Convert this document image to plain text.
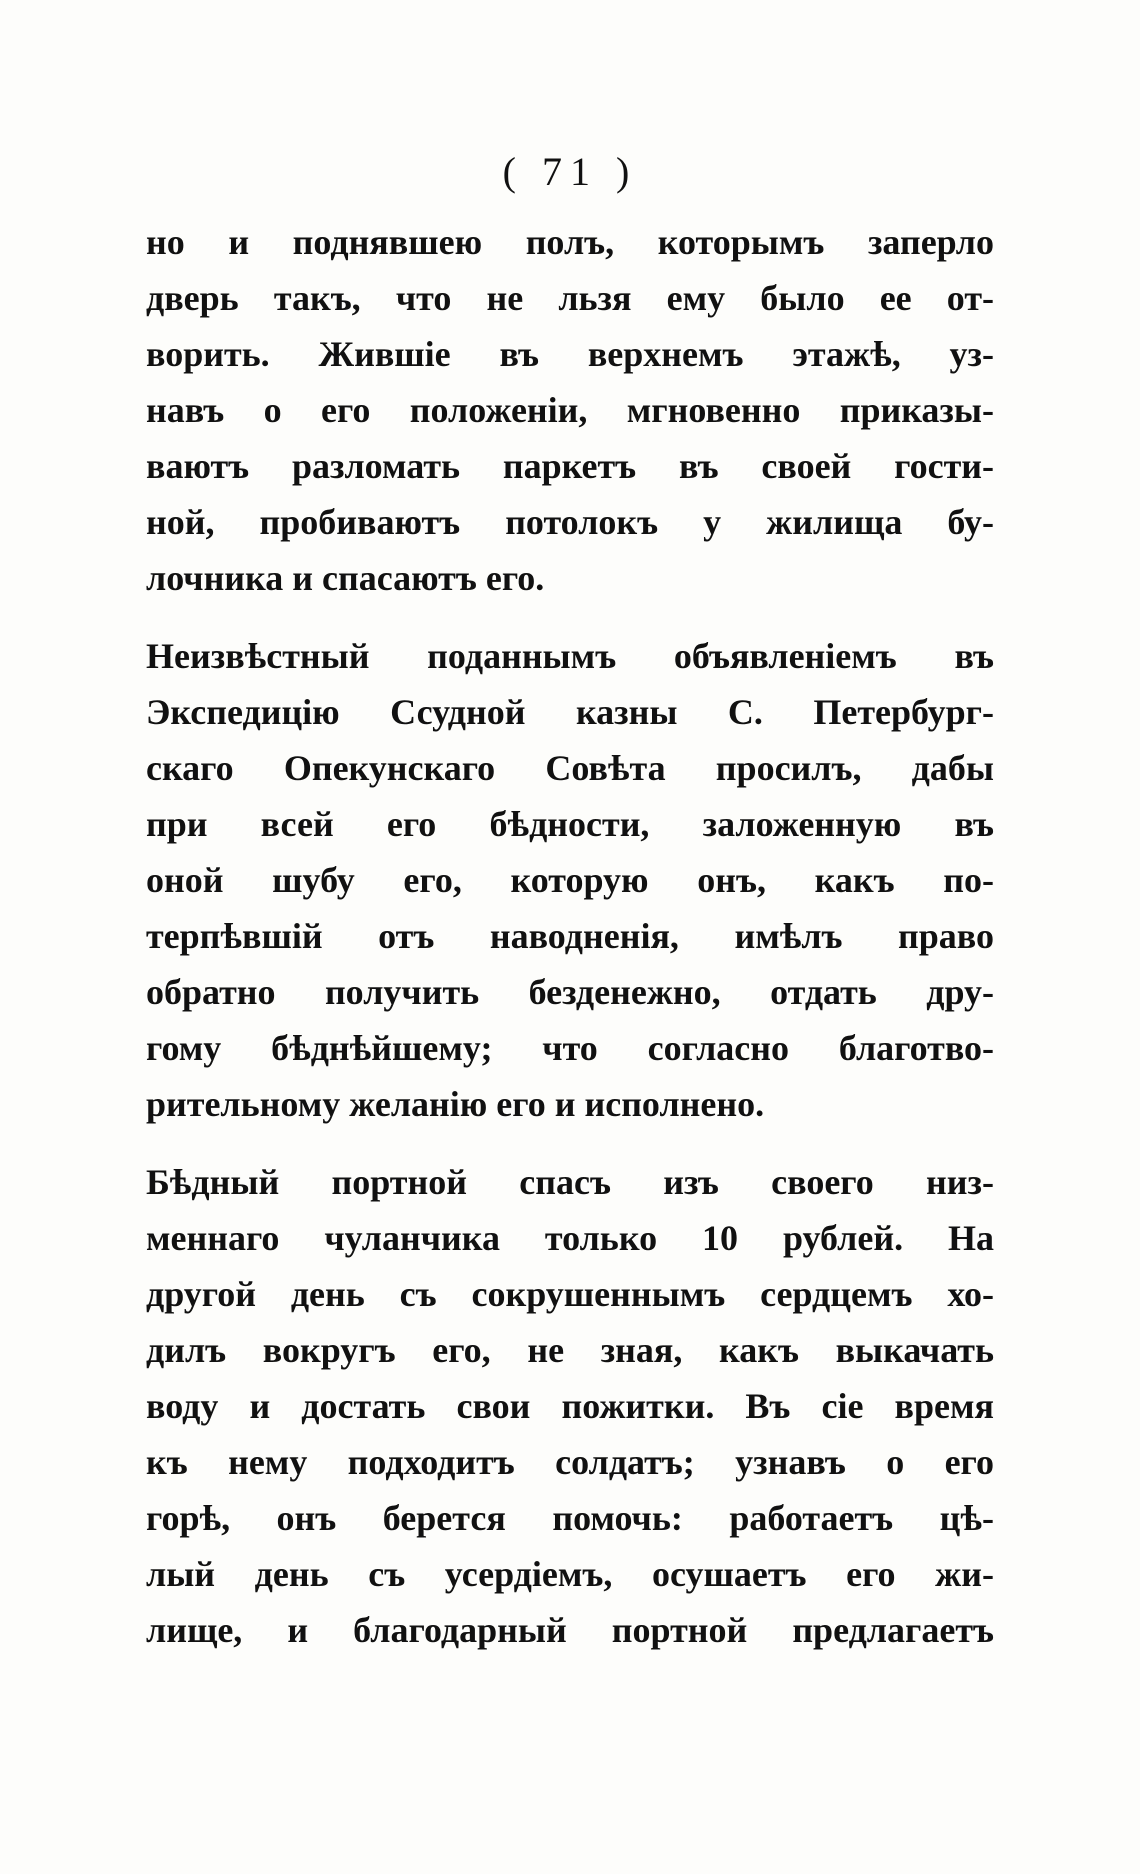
( 71 )
но и поднявшею полъ, которымъ заперло
дверь такъ, что не льзя ему было ее от-
ворить. Жившіе въ верхнемъ этажѣ, уз-
навъ о его положеніи, мгновенно приказы-
ваютъ разломать паркетъ въ своей гости-
ной, пробиваютъ потолокъ у жилища бу-
лочника и спасаютъ его.
Неизвѣстный поданнымъ объявленіемъ въ
Экспедицію Ссудной казны С. Петербург-
скаго Опекунскаго Совѣта просилъ, дабы
при всей его бѣдности, заложенную въ
оной шубу его, которую онъ, какъ по-
терпѣвшій отъ наводненія, имѣлъ право
обратно получить безденежно, отдать дру-
гому бѣднѣйшему; что согласно благотво-
рительному желанію его и исполнено.
Бѣдный портной спасъ изъ своего низ-
меннаго чуланчика только 10 рублей. На
другой день съ сокрушеннымъ сердцемъ хо-
дилъ вокругъ его, не зная, какъ выкачать
воду и достать свои пожитки. Въ сіе время
къ нему подходитъ солдатъ; узнавъ о его
горѣ, онъ берется помочь: работаетъ цѣ-
лый день съ усердіемъ, осушаетъ его жи-
лище, и благодарный портной предлагаетъ
